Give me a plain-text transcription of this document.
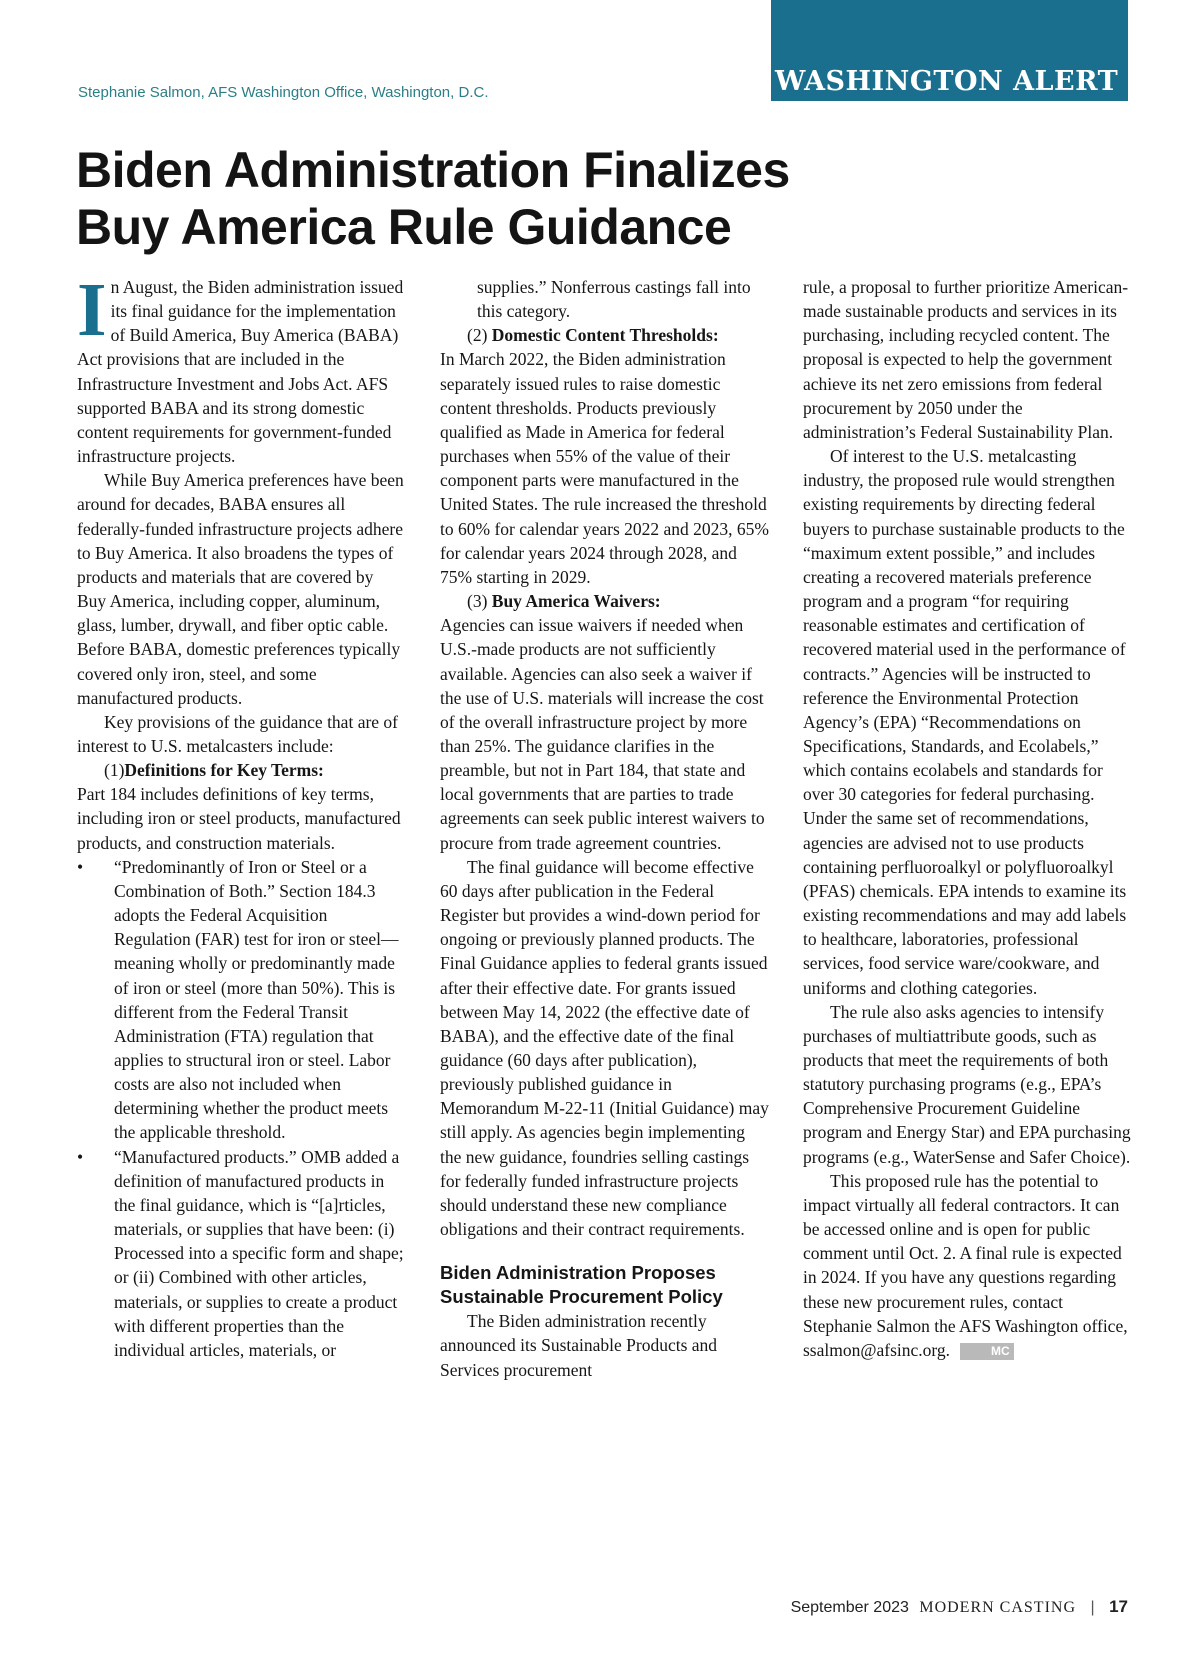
WASHINGTON ALERT
Stephanie Salmon, AFS Washington Office, Washington, D.C.
Biden Administration Finalizes Buy America Rule Guidance

In August, the Biden administration issued its final guidance for the implementation of Build America, Buy America (BABA) Act provisions that are included in the Infrastructure Investment and Jobs Act. AFS supported BABA and its strong domestic content requirements for government-funded infrastructure projects.

While Buy America preferences have been around for decades, BABA ensures all federally-funded infrastructure projects adhere to Buy America. It also broadens the types of products and materials that are covered by Buy America, including copper, aluminum, glass, lumber, drywall, and fiber optic cable. Before BABA, domestic preferences typically covered only iron, steel, and some manufactured products.

Key provisions of the guidance that are of interest to U.S. metalcasters include:

(1)Definitions for Key Terms:
Part 184 includes definitions of key terms, including iron or steel products, manufactured products, and construction materials.

• “Predominantly of Iron or Steel or a Combination of Both.” Section 184.3 adopts the Federal Acquisition Regulation (FAR) test for iron or steel—meaning wholly or predominantly made of iron or steel (more than 50%). This is different from the Federal Transit Administration (FTA) regulation that applies to structural iron or steel. Labor costs are also not included when determining whether the product meets the applicable threshold.
• “Manufactured products.” OMB added a definition of manufactured products in the final guidance, which is “[a]rticles, materials, or supplies that have been: (i) Processed into a specific form and shape; or (ii) Combined with other articles, materials, or supplies to create a product with different properties than the individual articles, materials, or

supplies.” Nonferrous castings fall into this category.

(2) Domestic Content Thresholds:
In March 2022, the Biden administration separately issued rules to raise domestic content thresholds. Products previously qualified as Made in America for federal purchases when 55% of the value of their component parts were manufactured in the United States. The rule increased the threshold to 60% for calendar years 2022 and 2023, 65% for calendar years 2024 through 2028, and 75% starting in 2029.

(3) Buy America Waivers:
Agencies can issue waivers if needed when U.S.-made products are not sufficiently available. Agencies can also seek a waiver if the use of U.S. materials will increase the cost of the overall infrastructure project by more than 25%. The guidance clarifies in the preamble, but not in Part 184, that state and local governments that are parties to trade agreements can seek public interest waivers to procure from trade agreement countries.

The final guidance will become effective 60 days after publication in the Federal Register but provides a wind-down period for ongoing or previously planned products. The Final Guidance applies to federal grants issued after their effective date. For grants issued between May 14, 2022 (the effective date of BABA), and the effective date of the final guidance (60 days after publication), previously published guidance in Memorandum M-22-11 (Initial Guidance) may still apply. As agencies begin implementing the new guidance, foundries selling castings for federally funded infrastructure projects should understand these new compliance obligations and their contract requirements.

Biden Administration Proposes Sustainable Procurement Policy

The Biden administration recently announced its Sustainable Products and Services procurement

rule, a proposal to further prioritize American-made sustainable products and services in its purchasing, including recycled content. The proposal is expected to help the government achieve its net zero emissions from federal procurement by 2050 under the administration’s Federal Sustainability Plan.

Of interest to the U.S. metalcasting industry, the proposed rule would strengthen existing requirements by directing federal buyers to purchase sustainable products to the “maximum extent possible,” and includes creating a recovered materials preference program and a program “for requiring reasonable estimates and certification of recovered material used in the performance of contracts.” Agencies will be instructed to reference the Environmental Protection Agency’s (EPA) “Recommendations on Specifications, Standards, and Ecolabels,” which contains ecolabels and standards for over 30 categories for federal purchasing. Under the same set of recommendations, agencies are advised not to use products containing perfluoroalkyl or polyfluoroalkyl (PFAS) chemicals. EPA intends to examine its existing recommendations and may add labels to healthcare, laboratories, professional services, food service ware/cookware, and uniforms and clothing categories.

The rule also asks agencies to intensify purchases of multiattribute goods, such as products that meet the requirements of both statutory purchasing programs (e.g., EPA’s Comprehensive Procurement Guideline program and Energy Star) and EPA purchasing programs (e.g., WaterSense and Safer Choice).

This proposed rule has the potential to impact virtually all federal contractors. It can be accessed online and is open for public comment until Oct. 2. A final rule is expected in 2024. If you have any questions regarding these new procurement rules, contact Stephanie Salmon the AFS Washington office, ssalmon@afsinc.org.	MC

September 2023 MODERN CASTING | 17
